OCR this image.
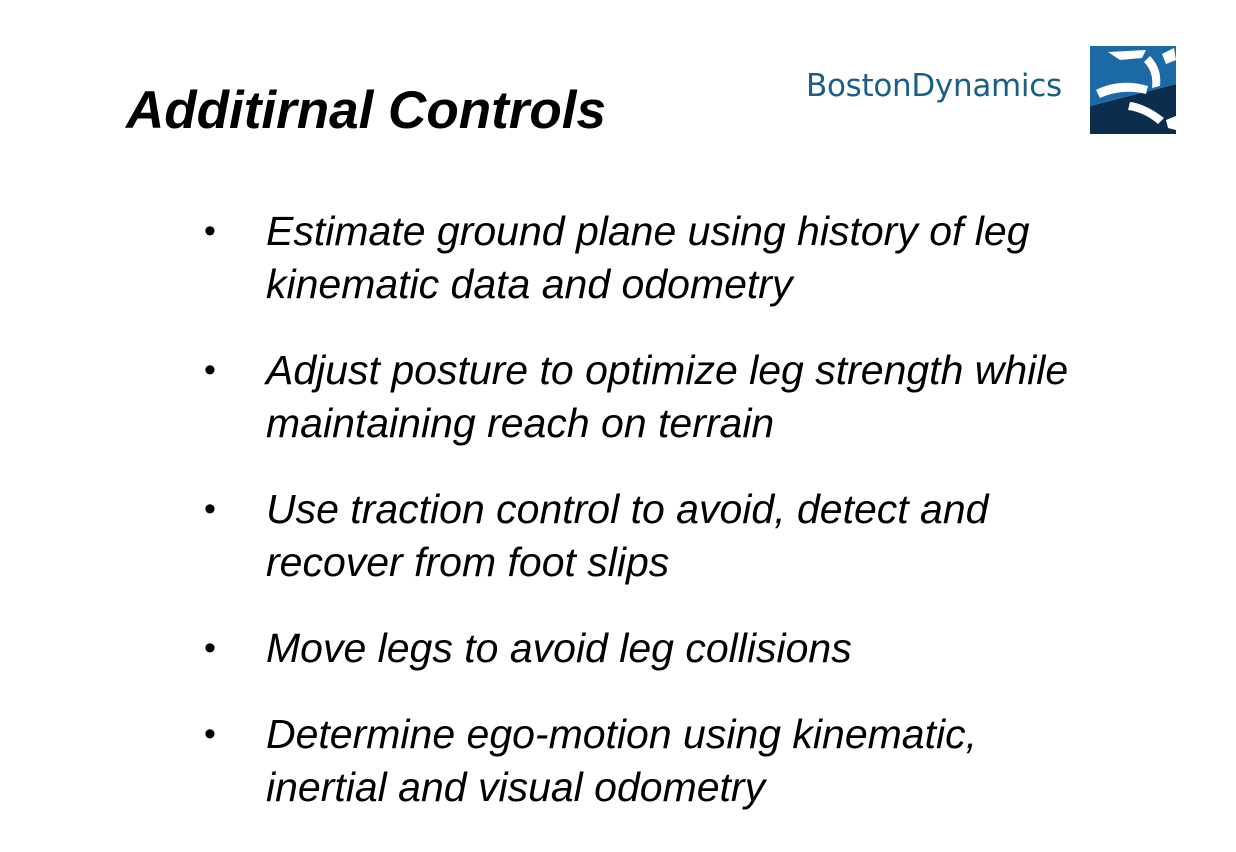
Additirnal Controls	BostonDynamics
•	Estimate ground plane using history of leg kinematic data and odometry
•	Adjust posture to optimize leg strength while maintaining reach on terrain
•	Use traction control to avoid, detect and recover from foot slips
•	Move legs to avoid leg collisions
•	Determine ego-motion using kinematic, inertial and visual odometry
